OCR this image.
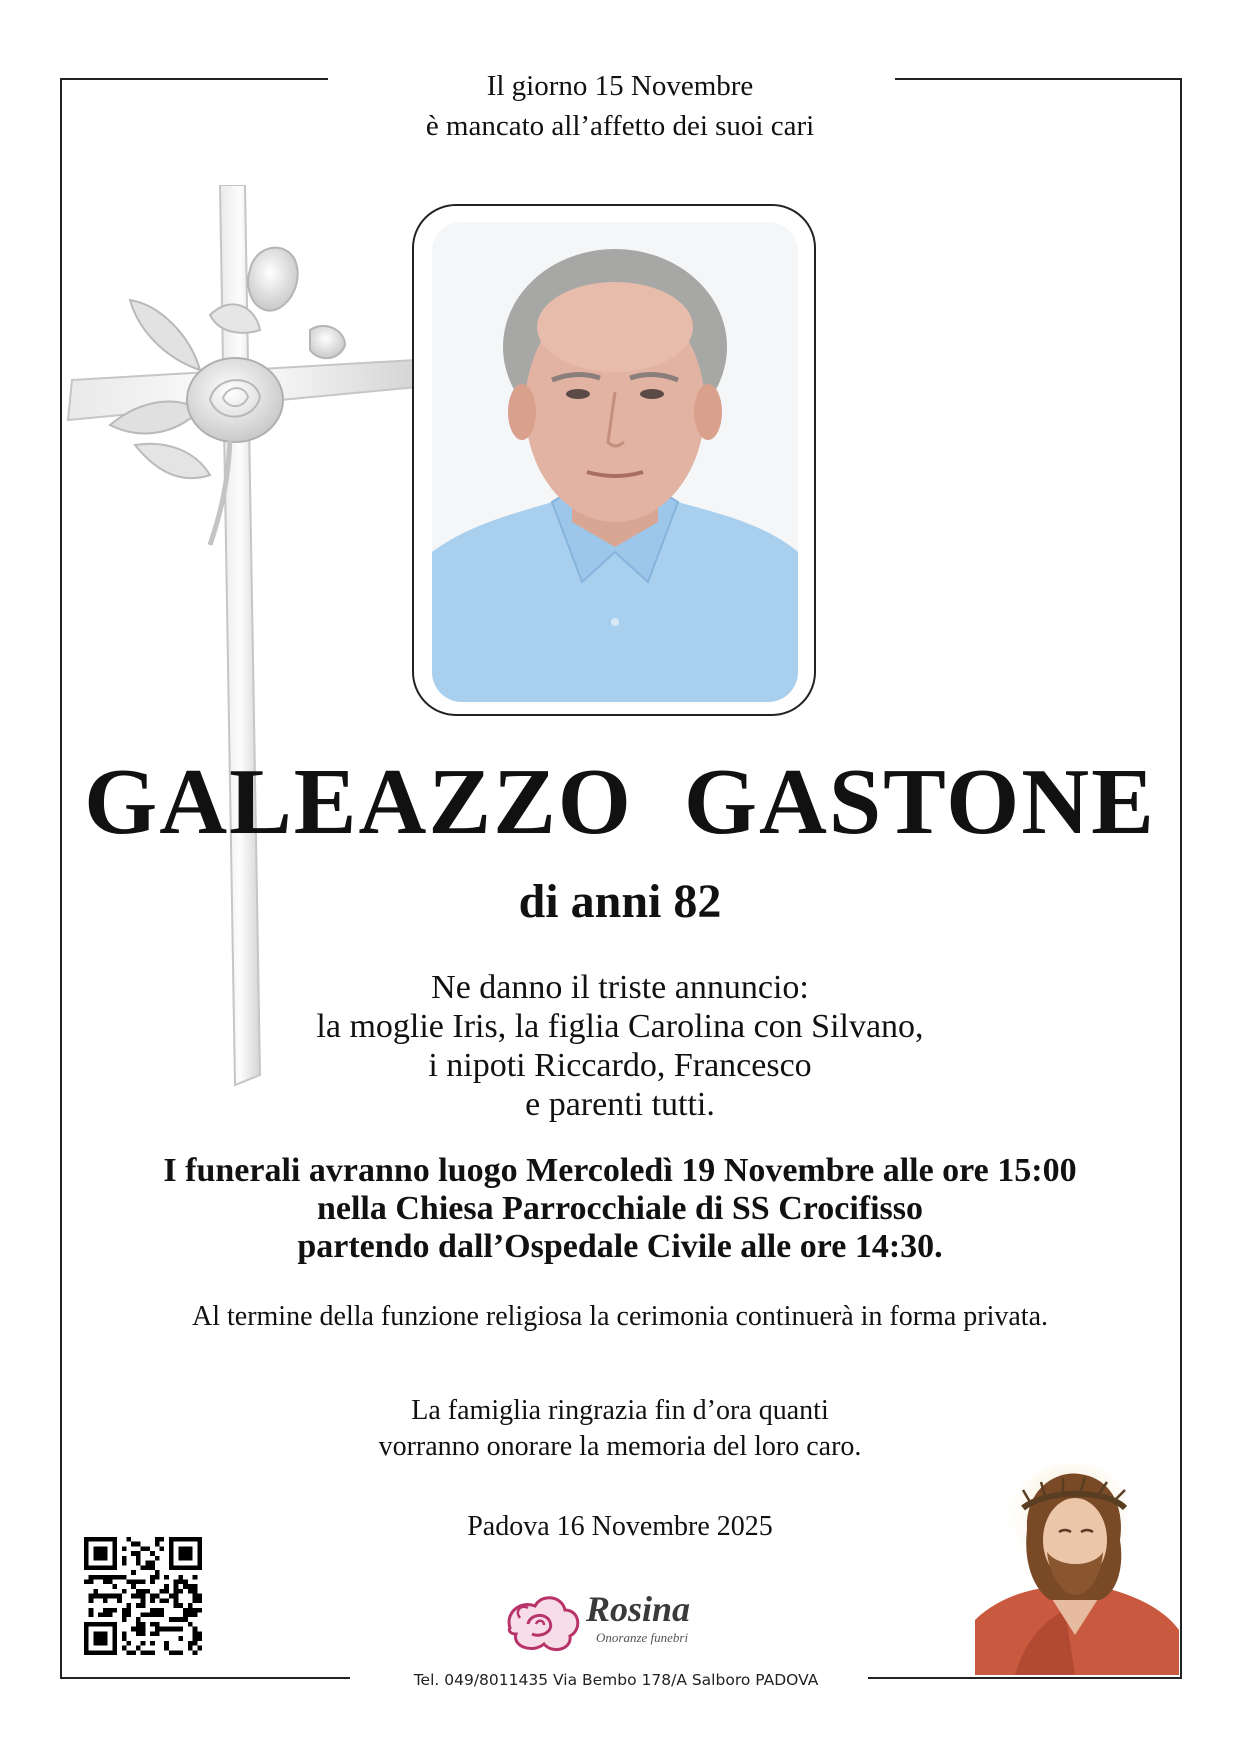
Il giorno 15 Novembre
è mancato all’affetto dei suoi cari
GALEAZZO  GASTONE
di anni 82
Ne danno il triste annuncio:
la moglie Iris, la figlia Carolina con Silvano,
i nipoti Riccardo, Francesco
e parenti tutti.
I funerali avranno luogo Mercoledì 19 Novembre alle ore 15:00
nella Chiesa Parrocchiale di SS Crocifisso
partendo dall’Ospedale Civile alle ore 14:30.
Al termine della funzione religiosa la cerimonia continuerà in forma privata.
La famiglia ringrazia fin d’ora quanti
vorranno onorare la memoria del loro caro.
Padova 16 Novembre 2025
Rosina
Onoranze funebri
Tel. 049/8011435 Via Bembo 178/A Salboro PADOVA
